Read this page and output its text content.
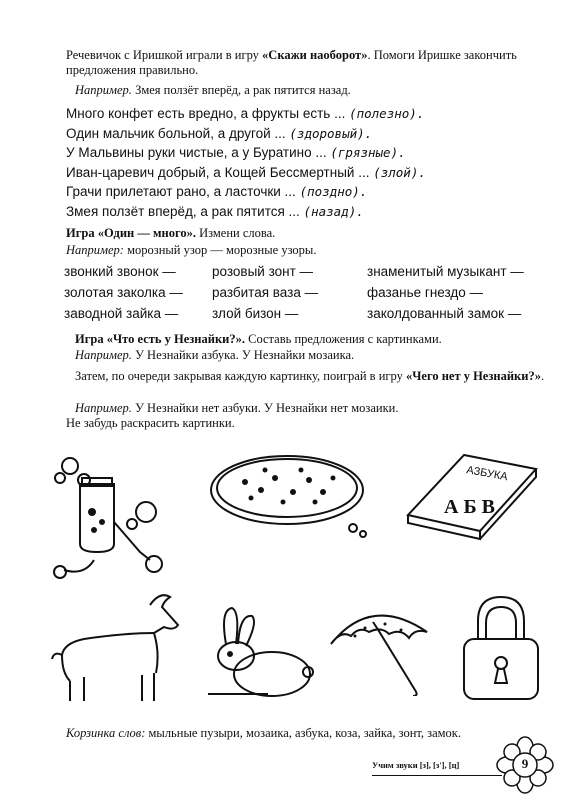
Речевичок с Иришкой играли в игру «Скажи наоборот». Помоги Иришке закончить предложения правильно.
Например. Змея ползёт вперёд, а рак пятится назад.
Много конфет есть вредно, а фрукты есть ... (полезно).
Один мальчик больной, а другой ... (здоровый).
У Мальвины руки чистые, а у Буратино ... (грязные).
Иван-царевич добрый, а Кощей Бессмертный ... (злой).
Грачи прилетают рано, а ласточки ... (поздно).
Змея ползёт вперёд, а рак пятится ... (назад).
Игра «Один — много». Измени слова.
Например: морозный узор — морозные узоры.
звонкий звонок —	розовый зонт —	знаменитый музыкант —
золотая заколка —	разбитая ваза —	фазанье гнездо —
заводной зайка —	злой бизон —	заколдованный замок —
Игра «Что есть у Незнайки?». Составь предложения с картинками.
Например. У Незнайки азбука. У Незнайки мозаика.
Затем, по очереди закрывая каждую картинку, поиграй в игру «Чего нет у Незнайки?».
Например. У Незнайки нет азбуки. У Незнайки нет мозаики.
Не забудь раскрасить картинки.
АЗБУКА
А Б В
Корзинка слов: мыльные пузыри, мозаика, азбука, коза, зайка, зонт, замок.
Учим звуки [з], [з'], [ц]	9
